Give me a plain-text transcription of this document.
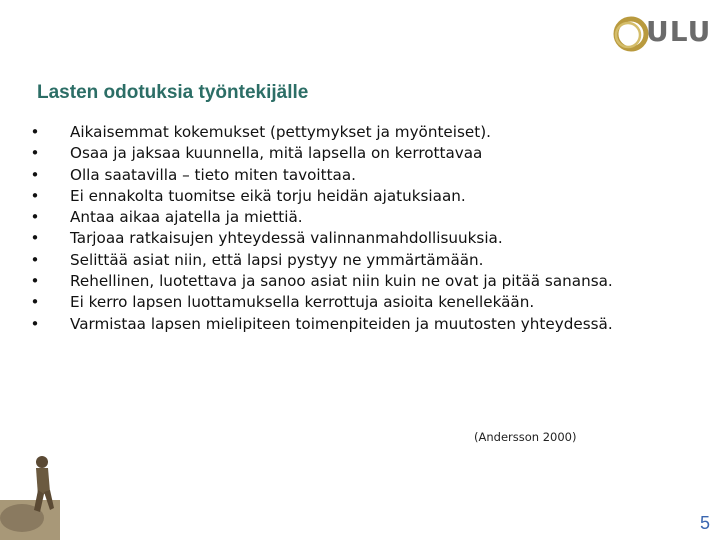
ULU
Lasten odotuksia työntekijälle
• Aikaisemmat kokemukset (pettymykset ja myönteiset).
• Osaa ja jaksaa kuunnella, mitä lapsella on kerrottavaa
• Olla saatavilla – tieto miten tavoittaa.
• Ei ennakolta tuomitse eikä torju heidän ajatuksiaan.
• Antaa aikaa ajatella ja miettiä.
• Tarjoaa ratkaisujen yhteydessä valinnanmahdollisuuksia.
• Selittää asiat niin, että lapsi pystyy ne ymmärtämään.
• Rehellinen, luotettava ja sanoo asiat niin kuin ne ovat ja pitää sanansa.
• Ei kerro lapsen luottamuksella kerrottuja asioita kenellekään.
• Varmistaa lapsen mielipiteen toimenpiteiden ja muutosten yhteydessä.
(Andersson 2000)
5
